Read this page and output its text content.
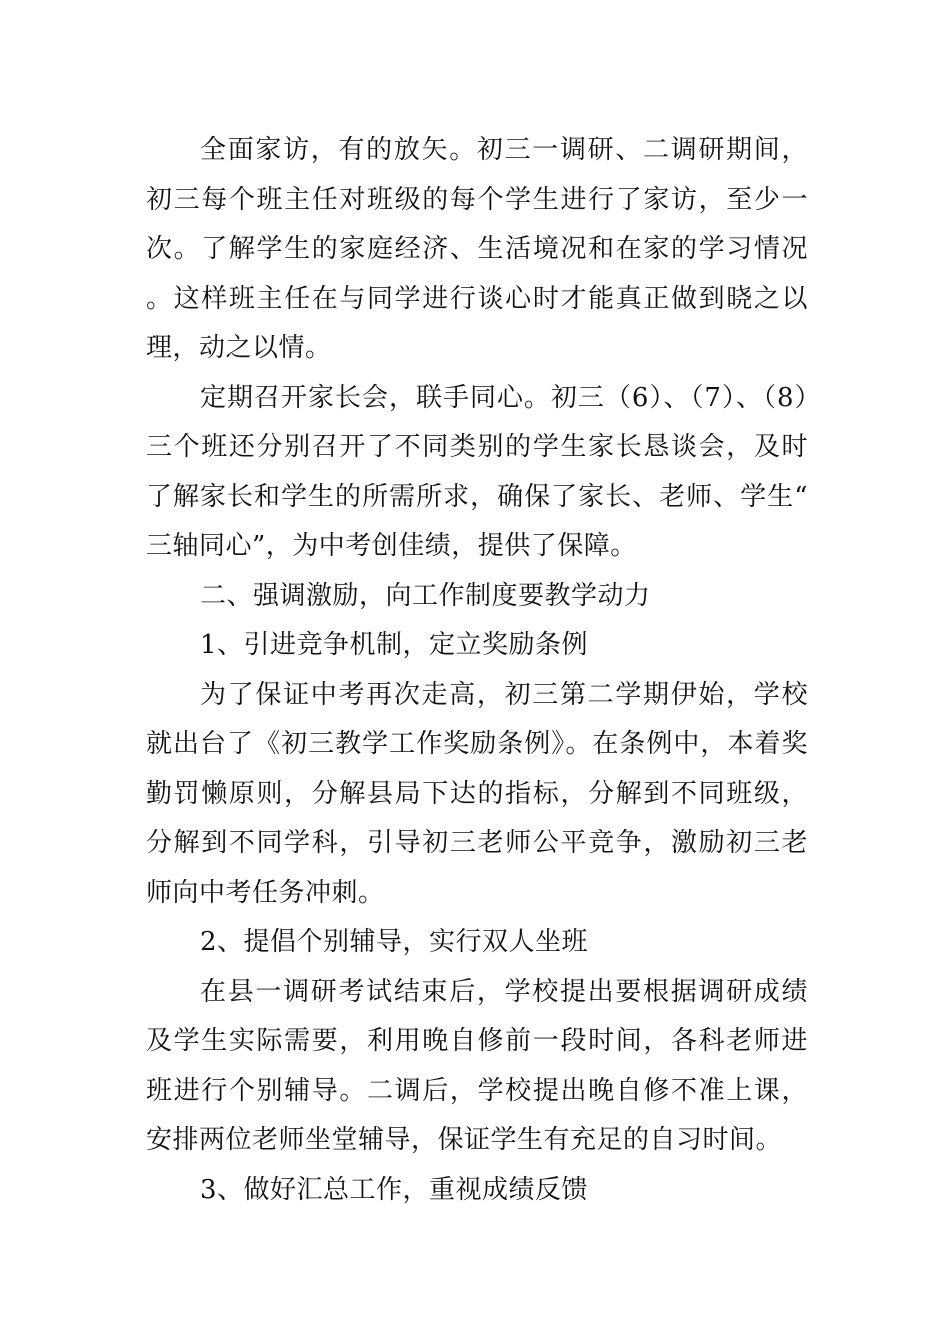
全面家访，有的放矢。初三一调研、二调研期间，初三每个班主任对班级的每个学生进行了家访，至少一次。了解学生的家庭经济、生活境况和在家的学习情况。这样班主任在与同学进行谈心时才能真正做到晓之以理，动之以情。

定期召开家长会，联手同心。初三（6）、（7）、（8）三个班还分别召开了不同类别的学生家长恳谈会，及时了解家长和学生的所需所求，确保了家长、老师、学生“三轴同心”，为中考创佳绩，提供了保障。

二、强调激励，向工作制度要教学动力

1、引进竞争机制，定立奖励条例

为了保证中考再次走高，初三第二学期伊始，学校就出台了《初三教学工作奖励条例》。在条例中，本着奖勤罚懒原则，分解县局下达的指标，分解到不同班级，分解到不同学科，引导初三老师公平竞争，激励初三老师向中考任务冲刺。

2、提倡个别辅导，实行双人坐班

在县一调研考试结束后，学校提出要根据调研成绩及学生实际需要，利用晚自修前一段时间，各科老师进班进行个别辅导。二调后，学校提出晚自修不准上课，安排两位老师坐堂辅导，保证学生有充足的自习时间。

3、做好汇总工作，重视成绩反馈
